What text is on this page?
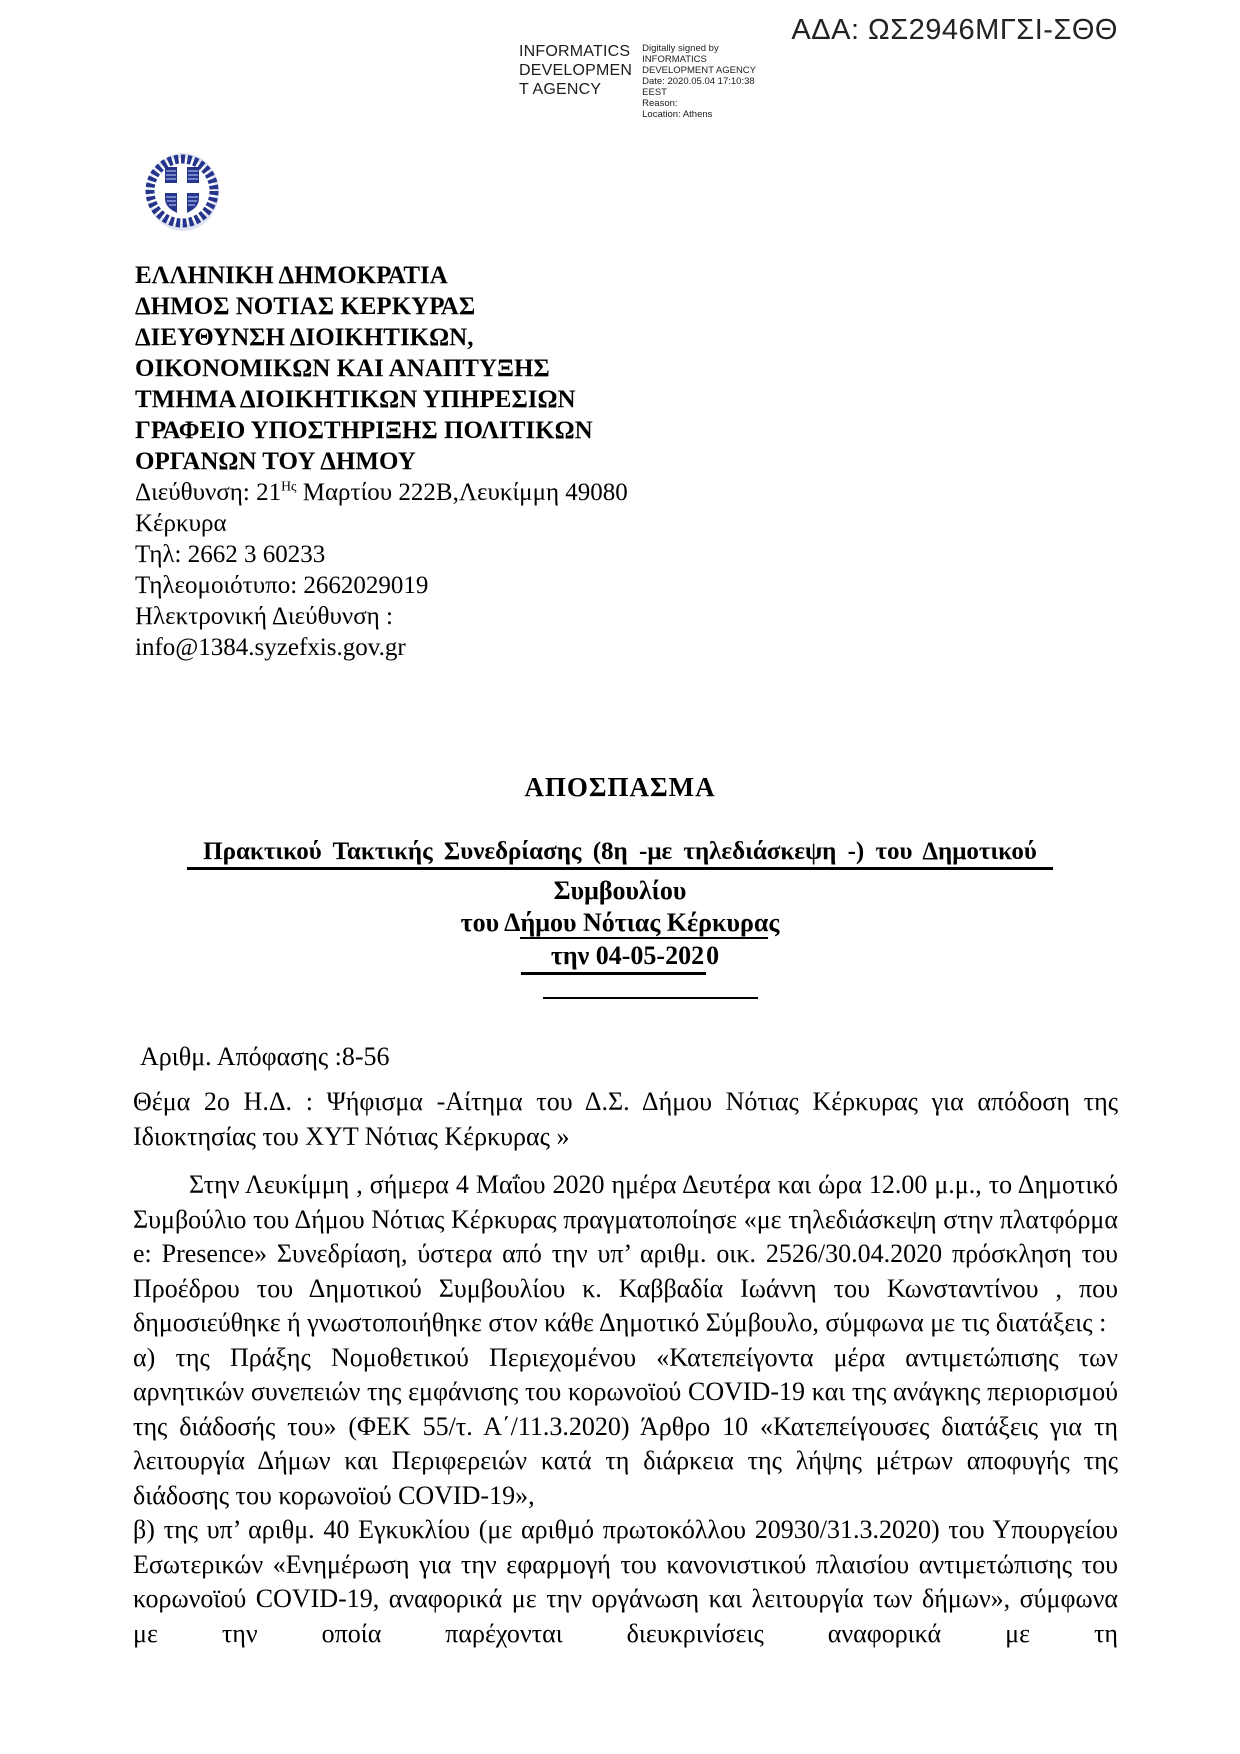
ΑΔΑ: ΩΣ2946ΜΓΣΙ-ΣΘΘ
INFORMATICS
DEVELOPMEN
T AGENCY
Digitally signed by
INFORMATICS
DEVELOPMENT AGENCY
Date: 2020.05.04 17:10:38
EEST
Reason:
Location: Athens
ΕΛΛΗΝΙΚΗ ΔΗΜΟΚΡΑΤΙΑ
ΔΗΜΟΣ ΝΟΤΙΑΣ ΚΕΡΚΥΡΑΣ
ΔΙΕΥΘΥΝΣΗ ΔΙΟΙΚΗΤΙΚΩΝ,
ΟΙΚΟΝΟΜΙΚΩΝ ΚΑΙ ΑΝΑΠΤΥΞΗΣ
ΤΜΗΜΑ ΔΙΟΙΚΗΤΙΚΩΝ ΥΠΗΡΕΣΙΩΝ
ΓΡΑΦΕΙΟ ΥΠΟΣΤΗΡΙΞΗΣ ΠΟΛΙΤΙΚΩΝ
ΟΡΓΑΝΩΝ ΤΟΥ ΔΗΜΟΥ
Διεύθυνση: $21^{H\varsigma}$ Μαρτίου 222Β,Λευκίμμη 49080
Κέρκυρα
Τηλ: 2662 3 60233
Τηλεομοιότυπο: 2662029019
Ηλεκτρονική Διεύθυνση :
info@1384.syzefxis.gov.gr
ΑΠΟΣΠΑΣΜΑ
Πρακτικού Τακτικής Συνεδρίασης (8η -με τηλεδιάσκεψη -) του Δημοτικού
Συμβουλίου
του Δήμου Νότιας Κέρκυρας
την 04-05-2020
Αριθμ. Απόφασης :8-56
Θέμα 2ο Η.Δ. : Ψήφισμα -Αίτημα του Δ.Σ. Δήμου Νότιας Κέρκυρας για απόδοση της Ιδιοκτησίας του ΧΥΤ Νότιας Κέρκυρας »

Στην Λευκίμμη , σήμερα 4 Μαΐου 2020 ημέρα Δευτέρα και ώρα 12.00 μ.μ., το Δημοτικό Συμβούλιο του Δήμου Νότιας Κέρκυρας πραγματοποίησε «με τηλεδιάσκεψη στην πλατφόρμα e: Presence» Συνεδρίαση, ύστερα από την υπ’ αριθμ. οικ. 2526/30.04.2020 πρόσκληση του Προέδρου του Δημοτικού Συμβουλίου κ. Καββαδία Ιωάννη του Κωνσταντίνου , που δημοσιεύθηκε ή γνωστοποιήθηκε στον κάθε Δημοτικό Σύμβουλο, σύμφωνα με τις διατάξεις :

α) της Πράξης Νομοθετικού Περιεχομένου «Κατεπείγοντα μέρα αντιμετώπισης των αρνητικών συνεπειών της εμφάνισης του κορωνοϊού COVID-19 και της ανάγκης περιορισμού της διάδοσής του» (ΦΕΚ 55/τ. Α΄/11.3.2020) Άρθρο 10 «Κατεπείγουσες διατάξεις για τη λειτουργία Δήμων και Περιφερειών κατά τη διάρκεια της λήψης μέτρων αποφυγής της διάδοσης του κορωνοϊού COVID-19»,

β) της υπ’ αριθμ. 40 Εγκυκλίου (με αριθμό πρωτοκόλλου 20930/31.3.2020) του Υπουργείου Εσωτερικών «Ενημέρωση για την εφαρμογή του κανονιστικού πλαισίου αντιμετώπισης του κορωνοϊού COVID-19, αναφορικά με την οργάνωση και λειτουργία των δήμων», σύμφωνα με την οποία παρέχονται διευκρινίσεις αναφορικά με τη
